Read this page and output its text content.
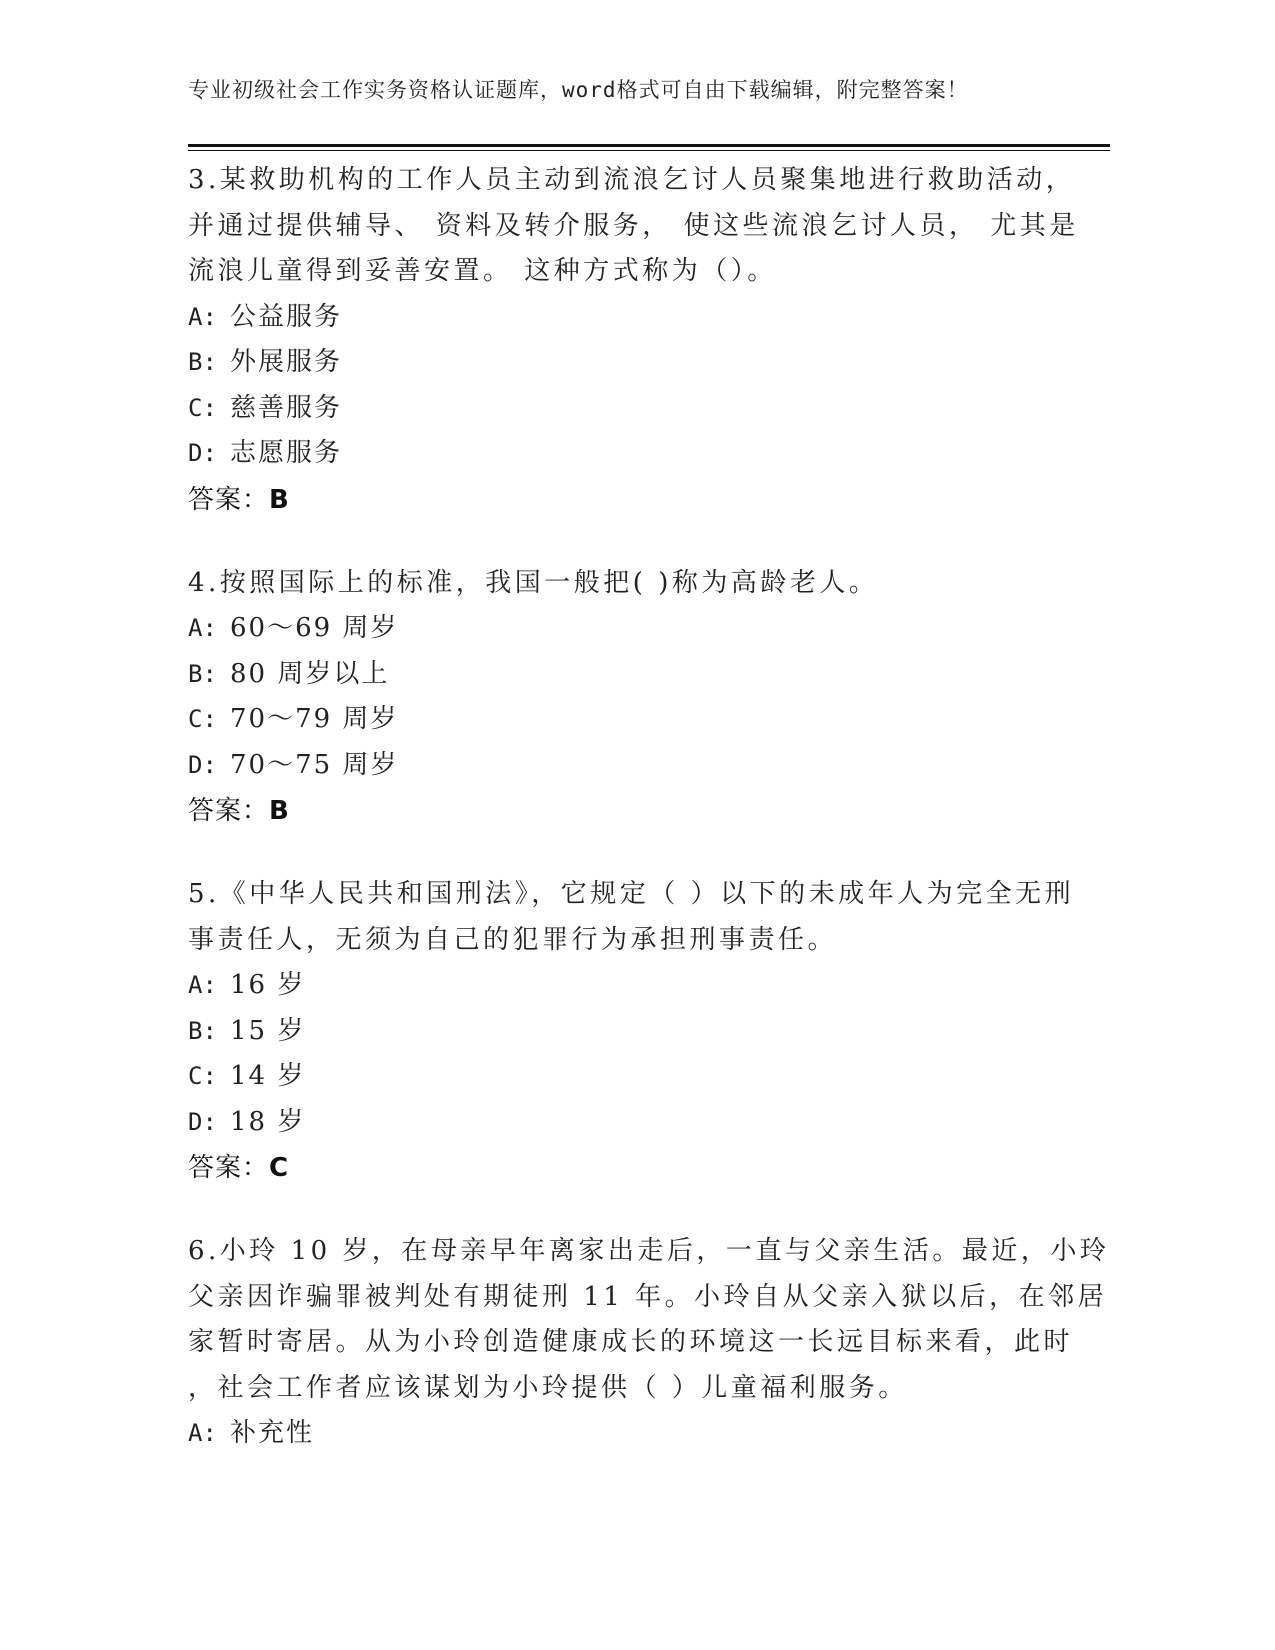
专业初级社会工作实务资格认证题库，word格式可自由下载编辑，附完整答案！
3.某救助机构的工作人员主动到流浪乞讨人员聚集地进行救助活动，
并通过提供辅导、 资料及转介服务， 使这些流浪乞讨人员， 尤其是
流浪儿童得到妥善安置。 这种方式称为（）。
A: 公益服务
B: 外展服务
C: 慈善服务
D: 志愿服务
答案：B
4.按照国际上的标准，我国一般把( )称为高龄老人。
A: 60～69 周岁
B: 80 周岁以上
C: 70～79 周岁
D: 70～75 周岁
答案：B
5.《中华人民共和国刑法》，它规定（ ）以下的未成年人为完全无刑
事责任人，无须为自己的犯罪行为承担刑事责任。
A: 16 岁
B: 15 岁
C: 14 岁
D: 18 岁
答案：C
6.小玲 10 岁，在母亲早年离家出走后，一直与父亲生活。最近，小玲
父亲因诈骗罪被判处有期徒刑 11 年。小玲自从父亲入狱以后，在邻居
家暂时寄居。从为小玲创造健康成长的环境这一长远目标来看，此时
，社会工作者应该谋划为小玲提供（ ）儿童福利服务。
A: 补充性
